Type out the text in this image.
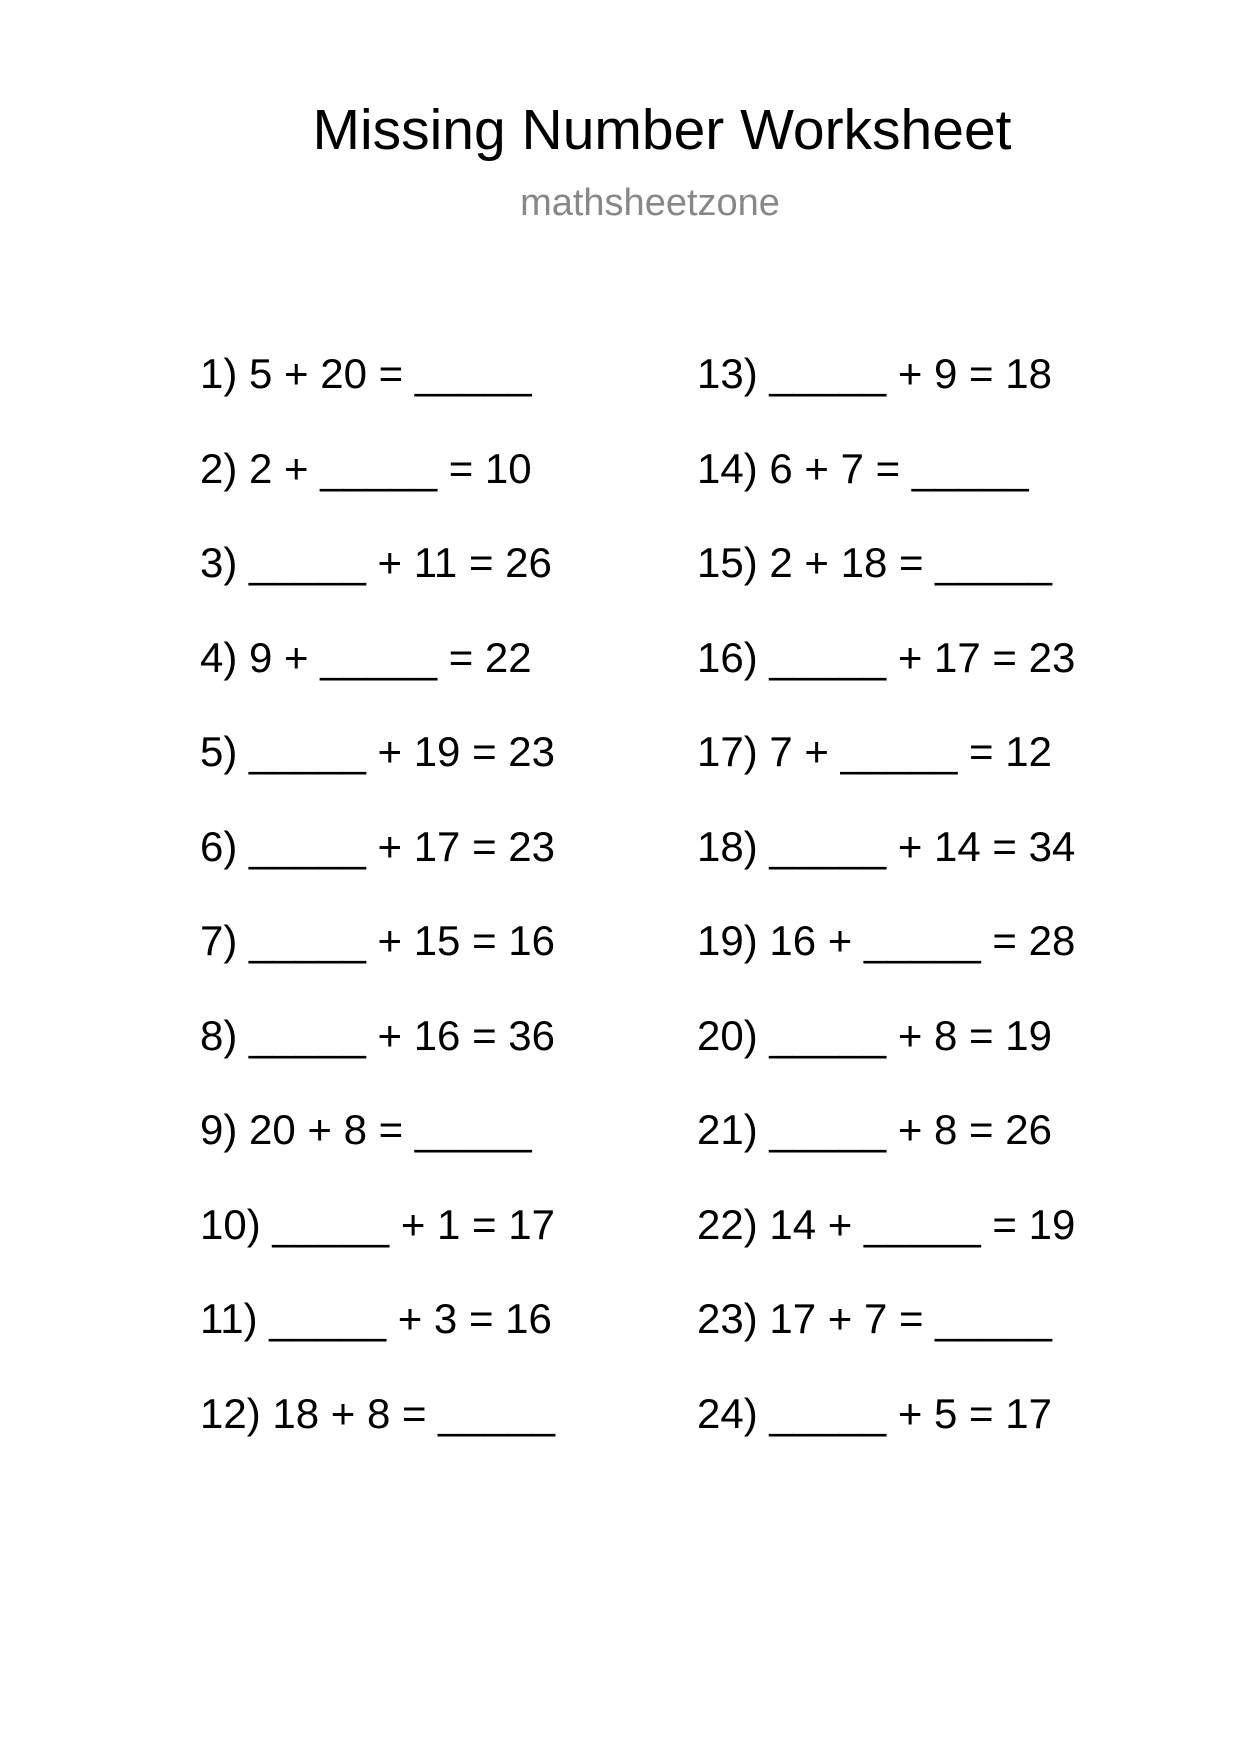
Missing Number Worksheet
mathsheetzone
1) 5 + 20 = _____
2) 2 + _____ = 10
3) _____ + 11 = 26
4) 9 + _____ = 22
5) _____ + 19 = 23
6) _____ + 17 = 23
7) _____ + 15 = 16
8) _____ + 16 = 36
9) 20 + 8 = _____
10) _____ + 1 = 17
11) _____ + 3 = 16
12) 18 + 8 = _____
13) _____ + 9 = 18
14) 6 + 7 = _____
15) 2 + 18 = _____
16) _____ + 17 = 23
17) 7 + _____ = 12
18) _____ + 14 = 34
19) 16 + _____ = 28
20) _____ + 8 = 19
21) _____ + 8 = 26
22) 14 + _____ = 19
23) 17 + 7 = _____
24) _____ + 5 = 17
